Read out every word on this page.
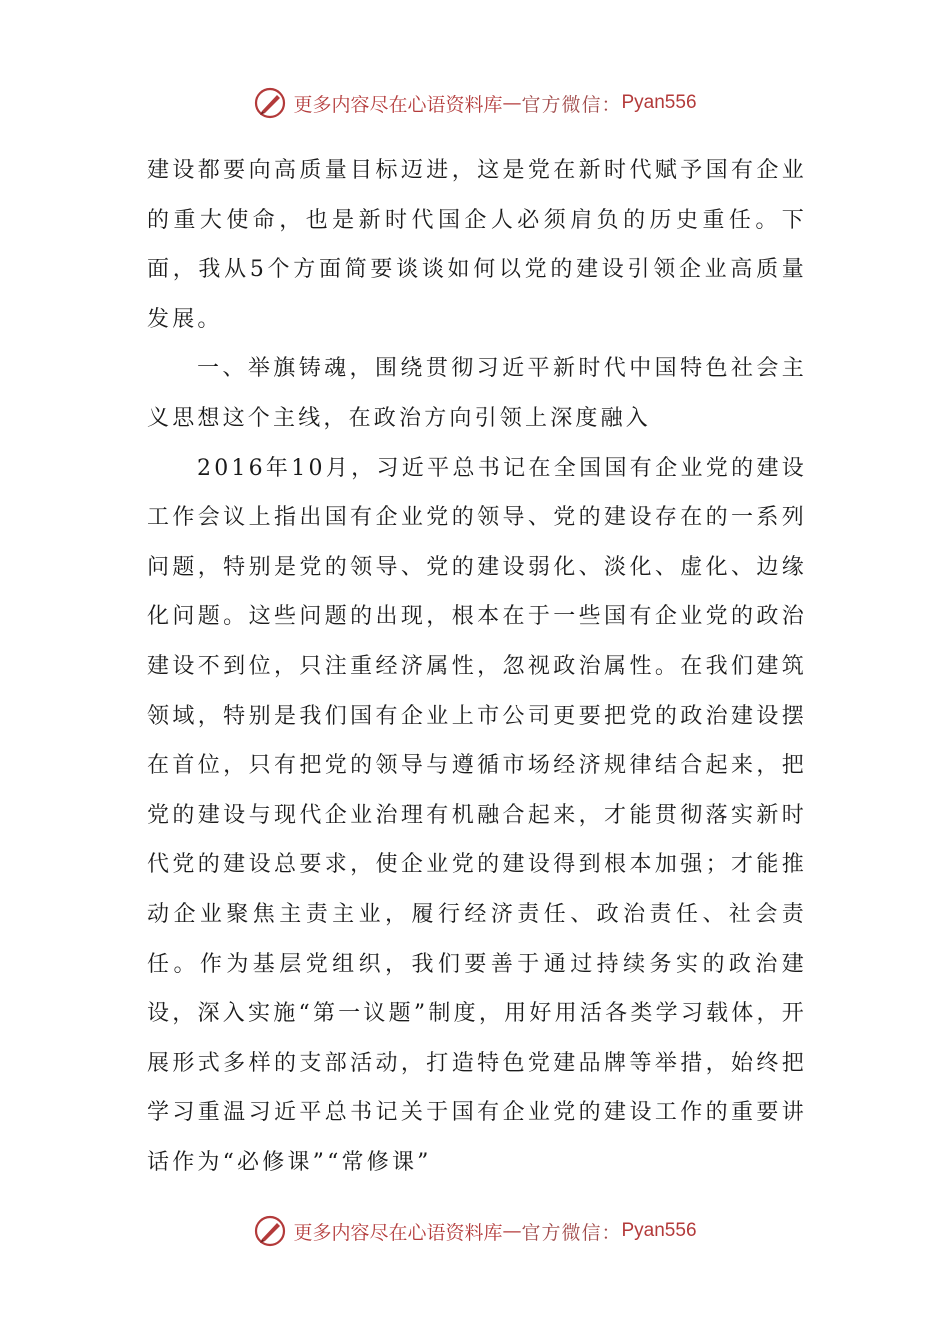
更多内容尽在心语资料库 — 官方微信： Pyan556

建设都要向高质量目标迈进，这是党在新时代赋予国有企业的重大使命，也是新时代国企人必须肩负的历史重任。下面，我从5个方面简要谈谈如何以党的建设引领企业高质量发展。

一、举旗铸魂，围绕贯彻习近平新时代中国特色社会主义思想这个主线，在政治方向引领上深度融入

2016年10月，习近平总书记在全国国有企业党的建设工作会议上指出国有企业党的领导、党的建设存在的一系列问题，特别是党的领导、党的建设弱化、淡化、虚化、边缘化问题。这些问题的出现，根本在于一些国有企业党的政治建设不到位，只注重经济属性，忽视政治属性。在我们建筑领域，特别是我们国有企业上市公司更要把党的政治建设摆在首位，只有把党的领导与遵循市场经济规律结合起来，把党的建设与现代企业治理有机融合起来，才能贯彻落实新时代党的建设总要求，使企业党的建设得到根本加强；才能推动企业聚焦主责主业，履行经济责任、政治责任、社会责任。作为基层党组织，我们要善于通过持续务实的政治建设，深入实施“第一议题”制度，用好用活各类学习载体，开展形式多样的支部活动，打造特色党建品牌等举措，始终把学习重温习近平总书记关于国有企业党的建设工作的重要讲话作为“必修课”“常修课”

更多内容尽在心语资料库 — 官方微信： Pyan556
